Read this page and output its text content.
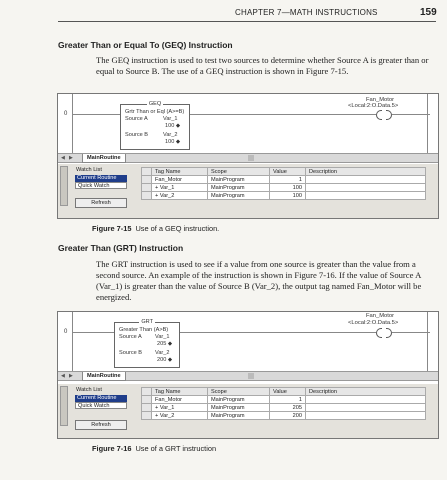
CHAPTER 7—MATH INSTRUCTIONS	159
Greater Than or Equal To (GEQ) Instruction

The GEQ instruction is used to test two sources to determine whether Source A is greater than or equal to Source B. The use of a GEQ instruction is shown in Figure 7-15.

0
GEQ
Grtr Than or Eql (A>=B)
Source A	Var_1
100 ◆
Source B	Var_2
100 ◆
Fan_Motor
<Local:2:O.Data.5>
◀ ▶	MainRoutine
Watch List
Current Routine
Quick Watch
Refresh
	Tag Name	Scope	Value	Description
	Fan_Motor	MainProgram	1	
	+ Var_1	MainProgram	100	
	+ Var_2	MainProgram	100	

Figure 7-15 Use of a GEQ instruction.

Greater Than (GRT) Instruction

The GRT instruction is used to see if a value from one source is greater than the value from a second source. An example of the instruction is shown in Figure 7-16. If the value of Source A (Var_1) is greater than the value of Source B (Var_2), the output tag named Fan_Motor will be energized.

0
GRT
Greater Than (A>B)
Source A Var_1
205 ◆
Source B Var_2
200 ◆
Fan_Motor
<Local:2:O.Data.5>
◀ ▶	MainRoutine
Watch List
Current Routine
Quick Watch
Refresh
	Tag Name	Scope	Value	Description
	Fan_Motor	MainProgram	1	
	+ Var_1	MainProgram	205	
	+ Var_2	MainProgram	200	

Figure 7-16 Use of a GRT instruction
